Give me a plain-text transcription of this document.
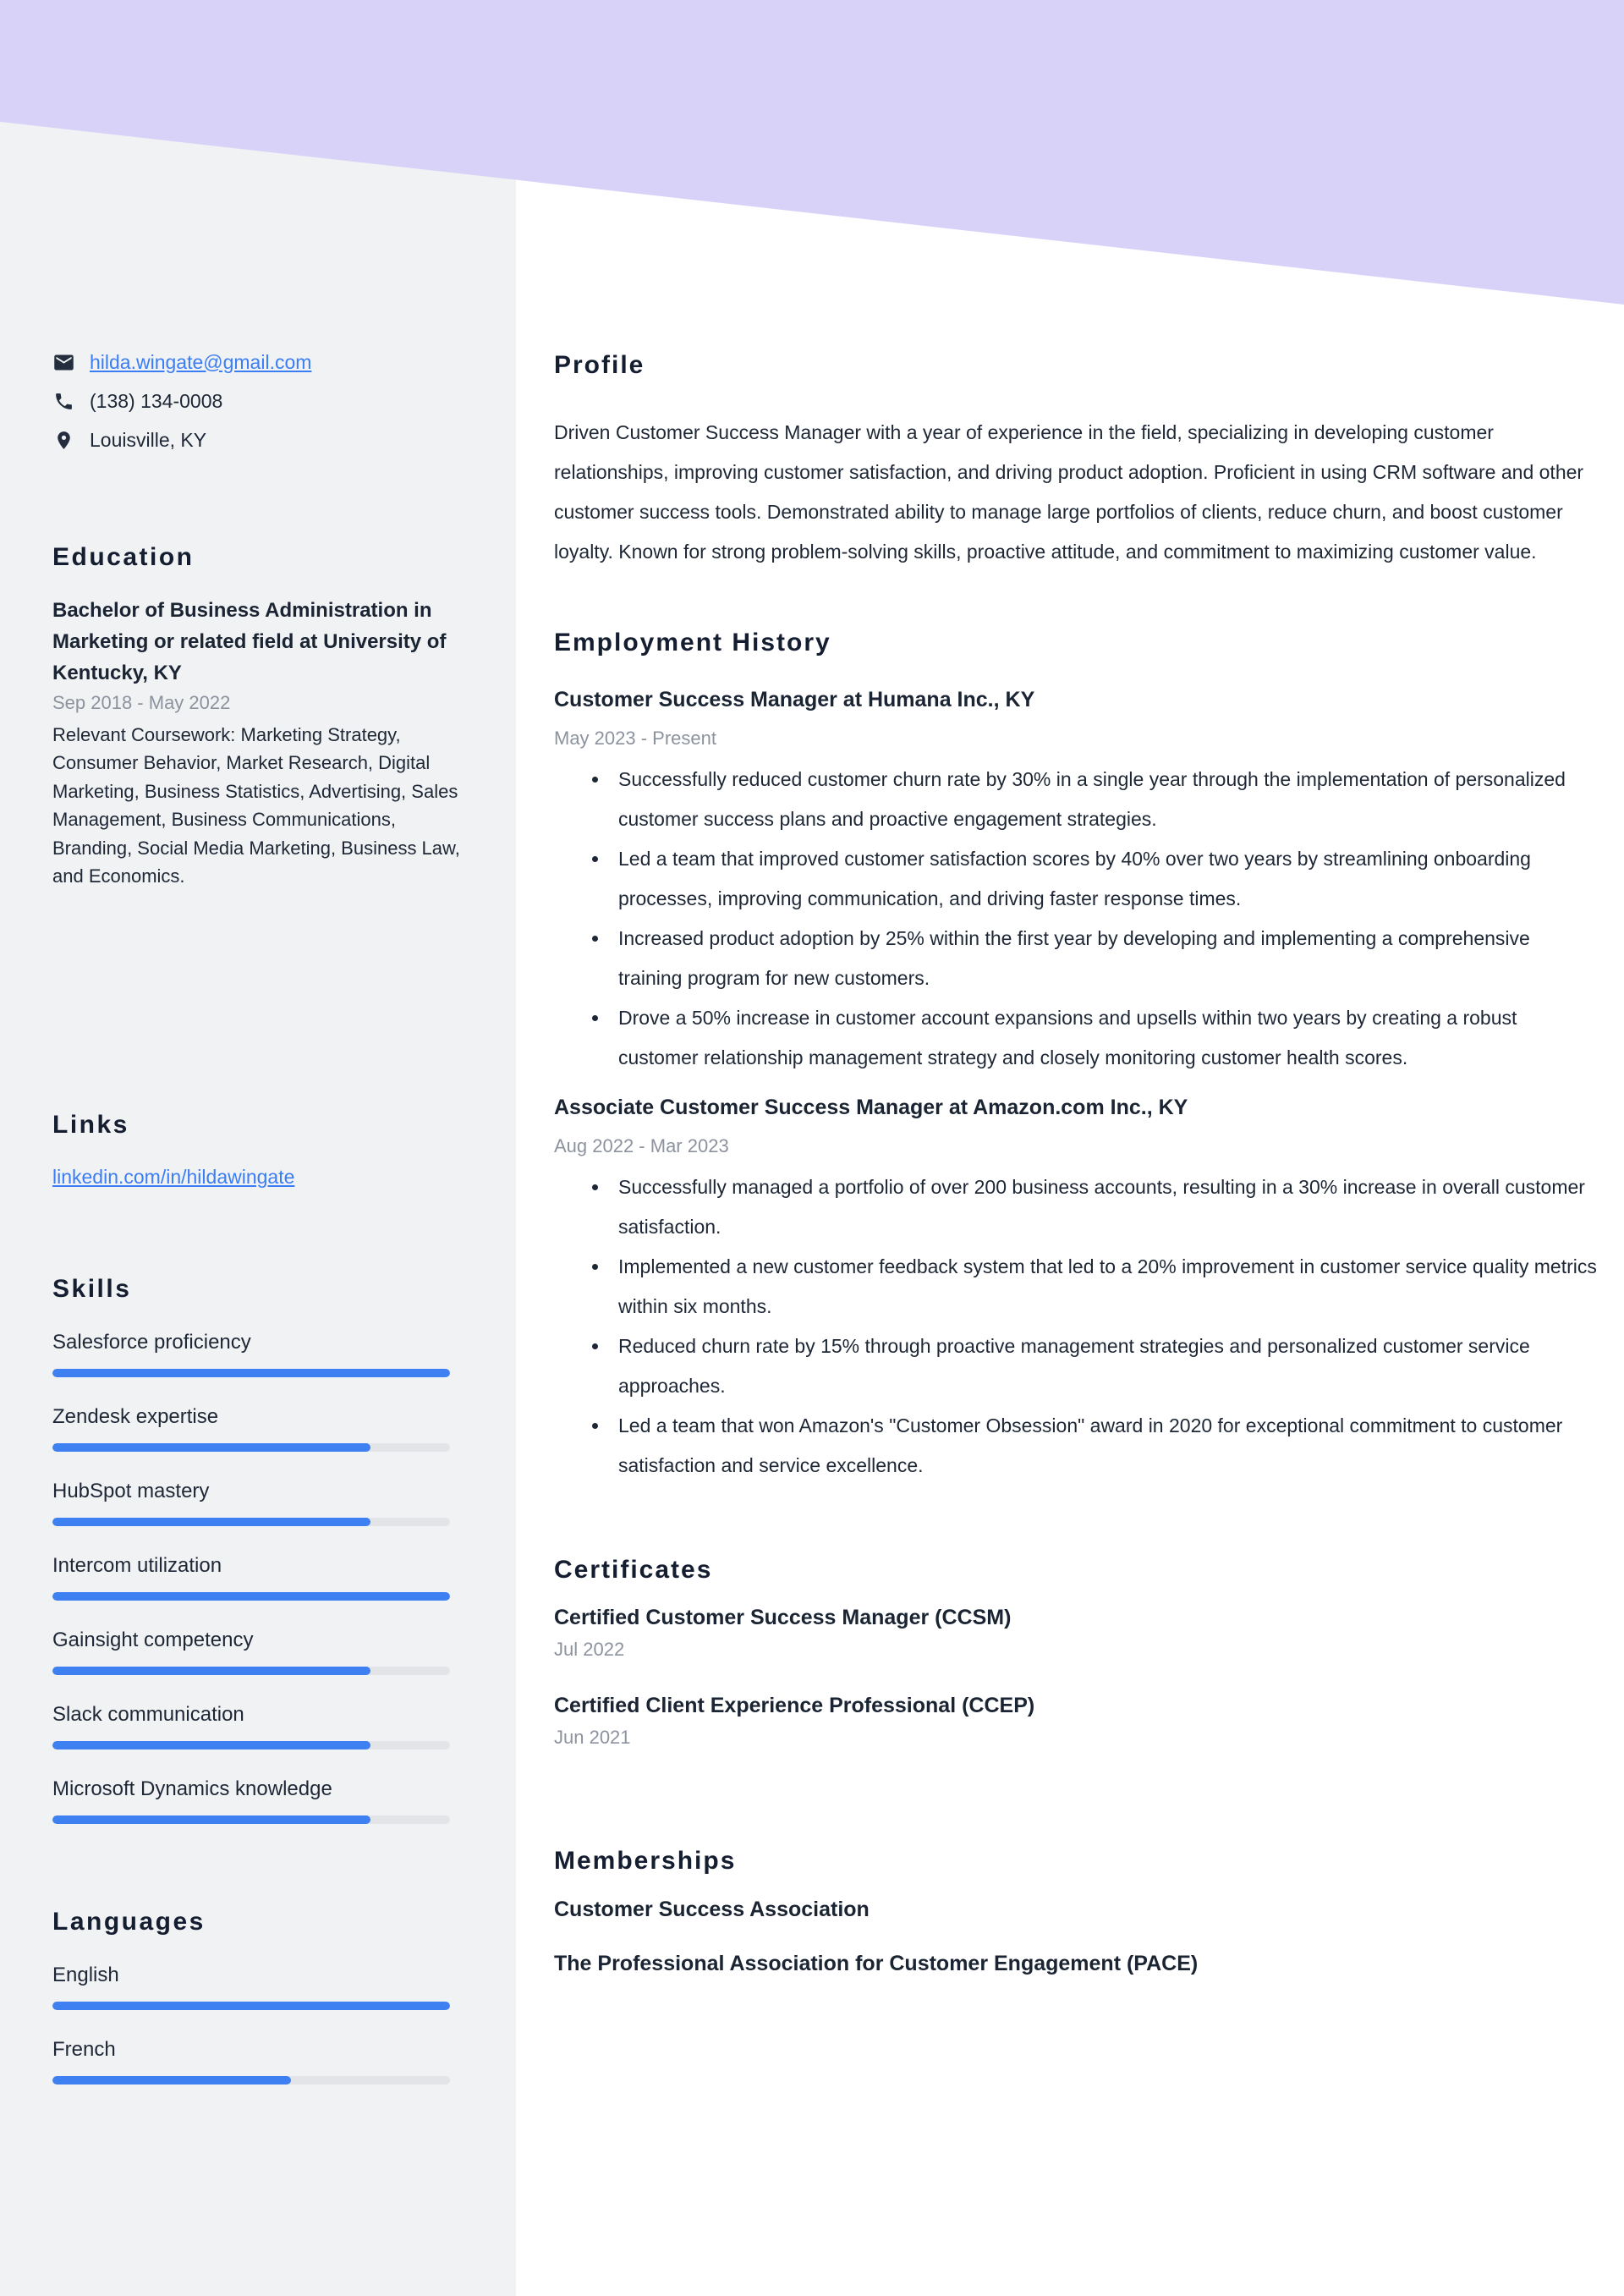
hilda.wingate@gmail.com
(138) 134-0008
Louisville, KY
Education
Bachelor of Business Administration in Marketing or related field at University of Kentucky, KY
Sep 2018 - May 2022
Relevant Coursework: Marketing Strategy, Consumer Behavior, Market Research, Digital Marketing, Business Statistics, Advertising, Sales Management, Business Communications, Branding, Social Media Marketing, Business Law, and Economics.
Links
linkedin.com/in/hildawingate
Skills
Salesforce proficiency
Zendesk expertise
HubSpot mastery
Intercom utilization
Gainsight competency
Slack communication
Microsoft Dynamics knowledge
Languages
English
French
Profile
Driven Customer Success Manager with a year of experience in the field, specializing in developing customer relationships, improving customer satisfaction, and driving product adoption. Proficient in using CRM software and other customer success tools. Demonstrated ability to manage large portfolios of clients, reduce churn, and boost customer loyalty. Known for strong problem-solving skills, proactive attitude, and commitment to maximizing customer value.
Employment History
Customer Success Manager at Humana Inc., KY
May 2023 - Present
Successfully reduced customer churn rate by 30% in a single year through the implementation of personalized customer success plans and proactive engagement strategies.
Led a team that improved customer satisfaction scores by 40% over two years by streamlining onboarding processes, improving communication, and driving faster response times.
Increased product adoption by 25% within the first year by developing and implementing a comprehensive training program for new customers.
Drove a 50% increase in customer account expansions and upsells within two years by creating a robust customer relationship management strategy and closely monitoring customer health scores.
Associate Customer Success Manager at Amazon.com Inc., KY
Aug 2022 - Mar 2023
Successfully managed a portfolio of over 200 business accounts, resulting in a 30% increase in overall customer satisfaction.
Implemented a new customer feedback system that led to a 20% improvement in customer service quality metrics within six months.
Reduced churn rate by 15% through proactive management strategies and personalized customer service approaches.
Led a team that won Amazon's "Customer Obsession" award in 2020 for exceptional commitment to customer satisfaction and service excellence.
Certificates
Certified Customer Success Manager (CCSM)
Jul 2022
Certified Client Experience Professional (CCEP)
Jun 2021
Memberships
Customer Success Association
The Professional Association for Customer Engagement (PACE)
